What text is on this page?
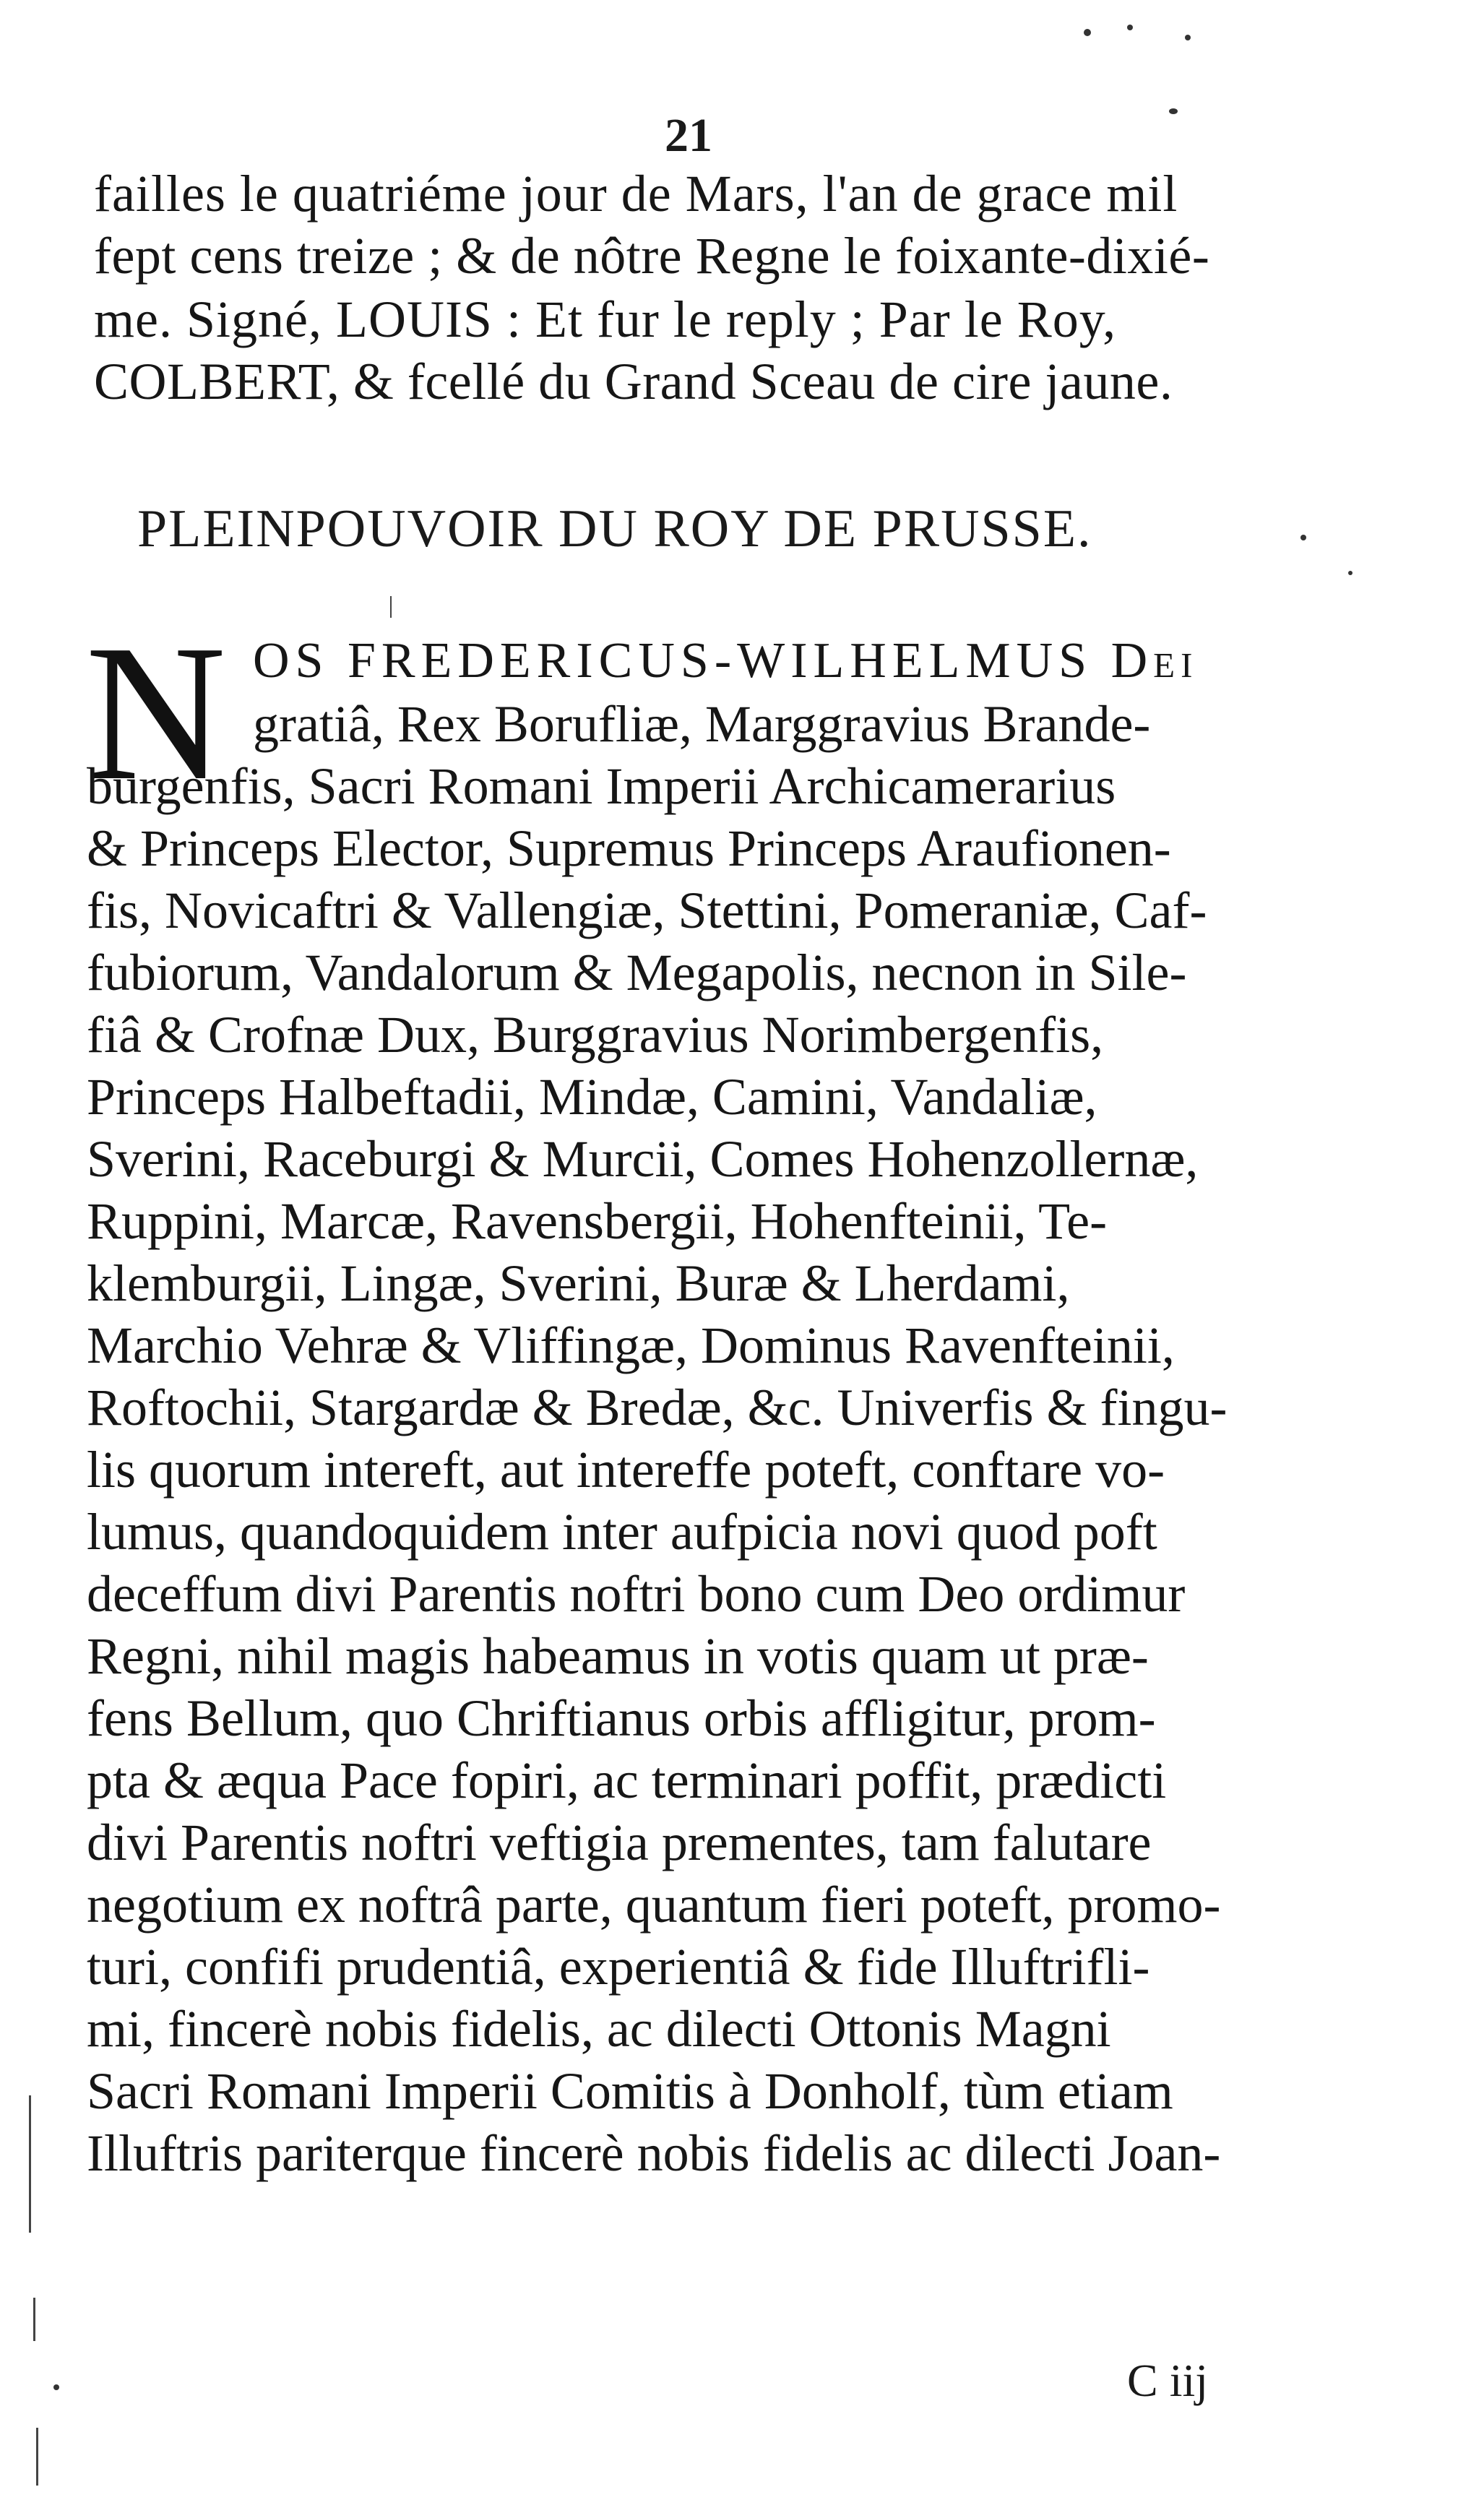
21
failles le quatriéme jour de Mars, l'an de grace mil
fept cens treize ; & de nôtre Regne le foixante-dixié-
me. Signé, LOUIS : Et fur le reply ; Par le Roy,
COLBERT, & fcellé du Grand Sceau de cire jaune.
PLEINPOUVOIR DU ROY DE PRUSSE.
N OS FREDERICUS-WILHELMUS Dei
gratiâ, Rex Borufliæ, Marggravius Brande-
burgenfis, Sacri Romani Imperii Archicamerarius
& Princeps Elector, Supremus Princeps Araufionen-
fis, Novicaftri & Vallengiæ, Stettini, Pomeraniæ, Caf-
fubiorum, Vandalorum & Megapolis, necnon in Sile-
fiâ & Crofnæ Dux, Burggravius Norimbergenfis,
Princeps Halbeftadii, Mindæ, Camini, Vandaliæ,
Sverini, Raceburgi & Murcii, Comes Hohenzollernæ,
Ruppini, Marcæ, Ravensbergii, Hohenfteinii, Te-
klemburgii, Lingæ, Sverini, Buræ & Lherdami,
Marchio Vehræ & Vliffingæ, Dominus Ravenfteinii,
Roftochii, Stargardæ & Bredæ, &c. Univerfis & fingu-
lis quorum intereft, aut intereffe poteft, conftare vo-
lumus, quandoquidem inter aufpicia novi quod poft
deceffum divi Parentis noftri bono cum Deo ordimur
Regni, nihil magis habeamus in votis quam ut præ-
fens Bellum, quo Chriftianus orbis affligitur, prom-
pta & æqua Pace fopiri, ac terminari poffit, prædicti
divi Parentis noftri veftigia prementes, tam falutare
negotium ex noftrâ parte, quantum fieri poteft, promo-
turi, confifi prudentiâ, experientiâ & fide Illuftrifli-
mi, fincerè nobis fidelis, ac dilecti Ottonis Magni
Sacri Romani Imperii Comitis à Donholf, tùm etiam
Illuftris pariterque fincerè nobis fidelis ac dilecti Joan-
C iij
